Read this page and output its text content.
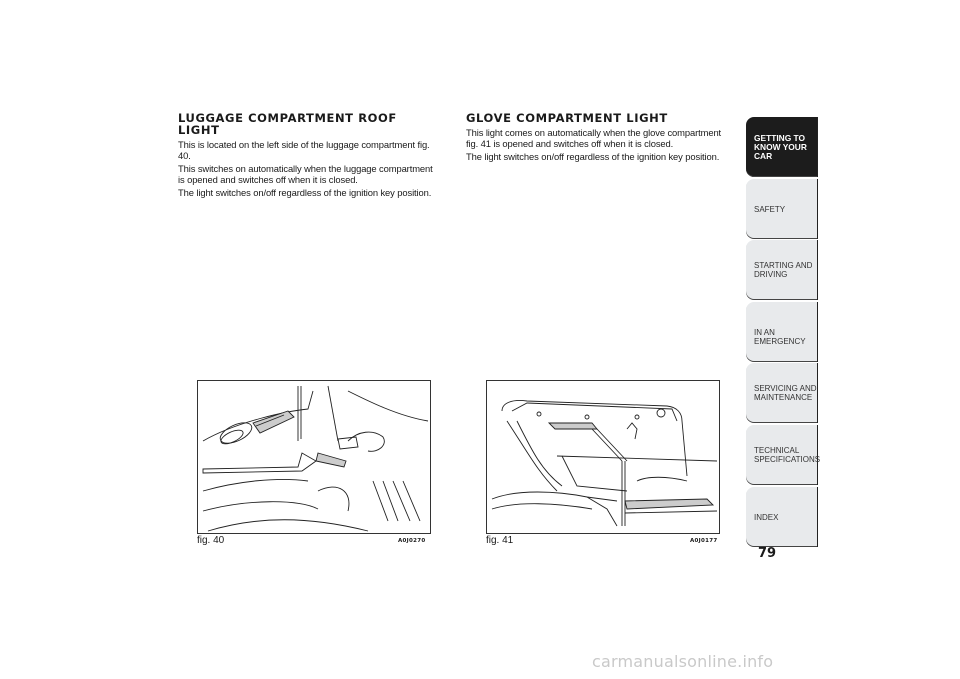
LUGGAGE COMPARTMENT ROOF LIGHT

This is located on the left side of the luggage compartment fig. 40.

This switches on automatically when the luggage compartment is opened and switches off when it is closed.

The light switches on/off regardless of the ignition key position.

GLOVE COMPARTMENT LIGHT

This light comes on automatically when the glove compartment fig. 41 is opened and switches off when it is closed.

The light switches on/off regardless of the ignition key position.

fig. 40	A0J0270	fig. 41	A0J0177
GETTING TO
KNOW YOUR CAR
SAFETY
STARTING AND
DRIVING
IN AN EMERGENCY
SERVICING AND
MAINTENANCE
TECHNICAL
SPECIFICATIONS
INDEX
79
carmanualsonline.info
